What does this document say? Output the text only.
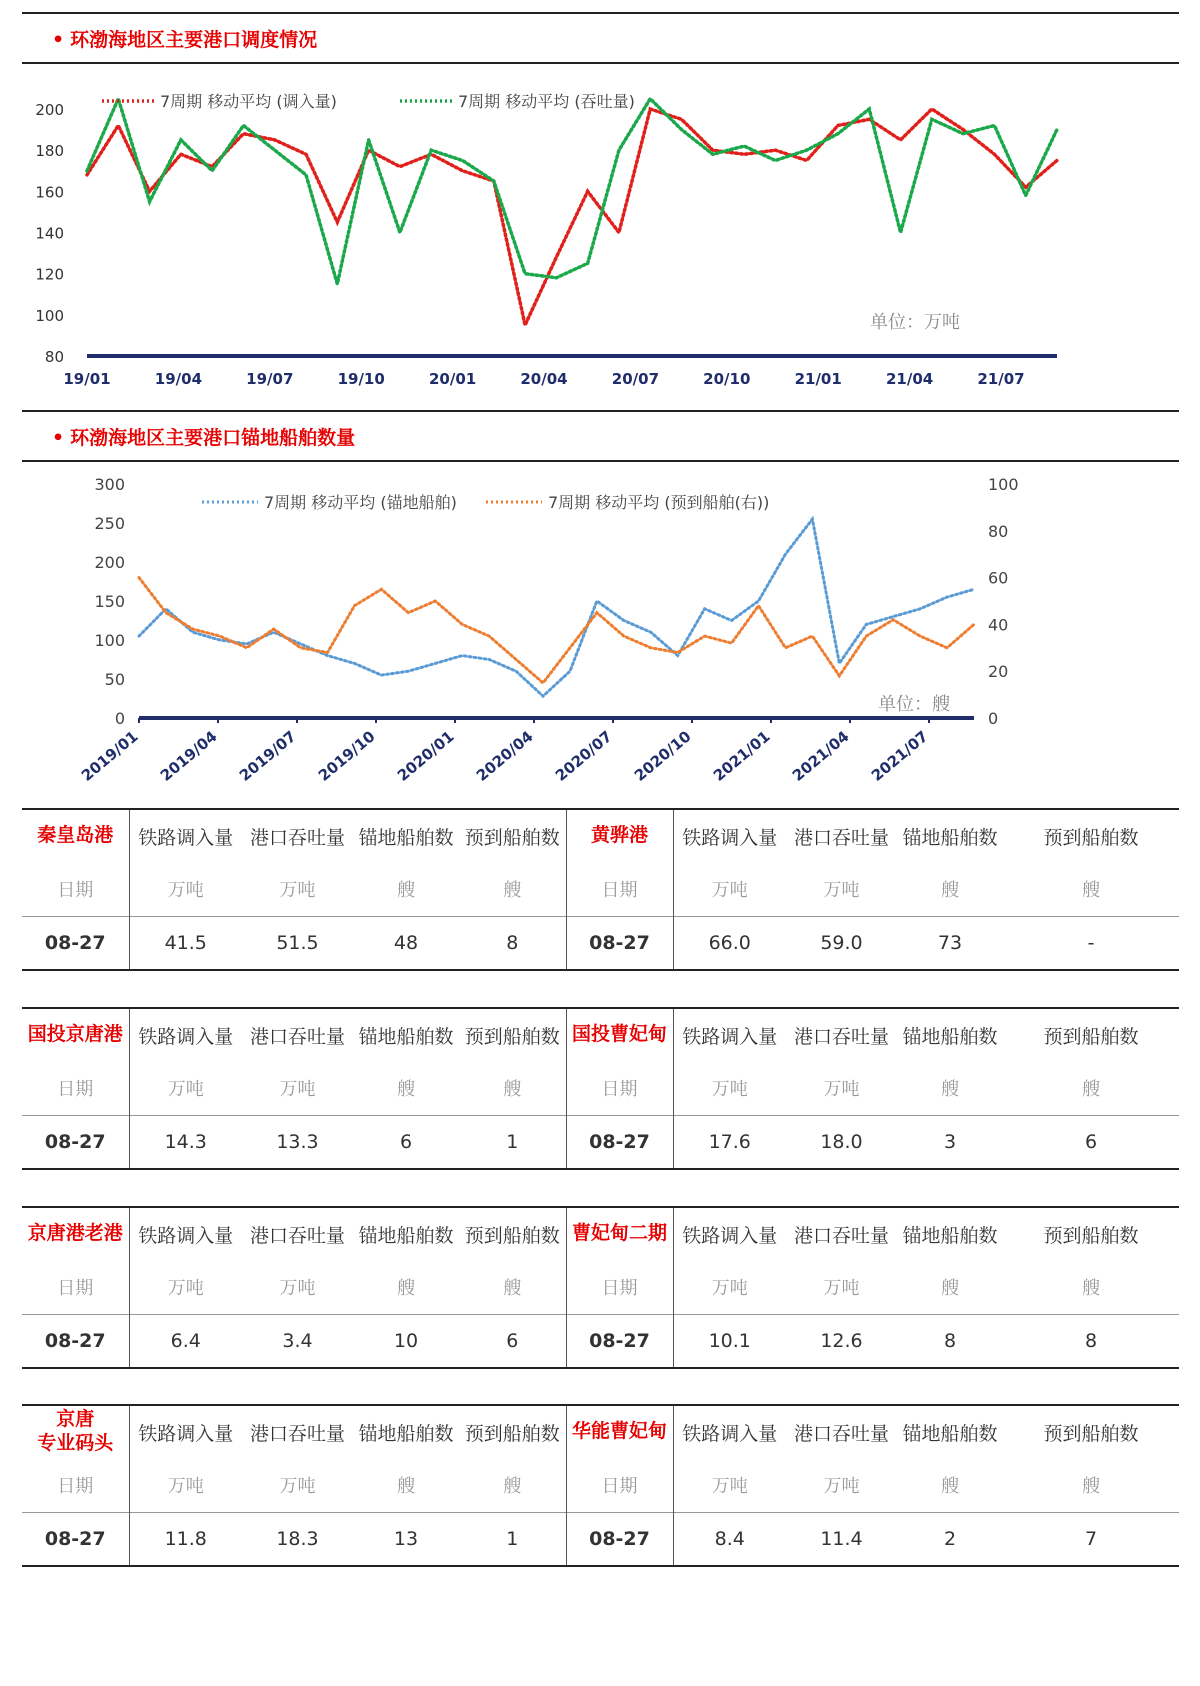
• 环渤海地区主要港口调度情况
200
180
160
140
120
100
80
19/01	19/04	19/07	19/10	20/01	20/04	20/07	20/10	21/01	21/04	21/07
7周期 移动平均 (调入量)	7周期 移动平均 (吞吐量)
单位：万吨
• 环渤海地区主要港口锚地船舶数量
300
250
200
150
100
50
0
100
80
60
40
20
0
2019/01 2019/04 2019/07 2019/10 2020/01 2020/04 2020/07 2020/10 2021/01 2021/04 2021/07
7周期 移动平均 (锚地船舶)	7周期 移动平均 (预到船舶(右))
单位：艘
秦皇岛港	铁路调入量	港口吞吐量	锚地船舶数	预到船舶数	黄骅港	铁路调入量	港口吞吐量	锚地船舶数	预到船舶数
日期	万吨	万吨	艘	艘	日期	万吨	万吨	艘	艘
08-27	41.5	51.5	48	8	08-27	66.0	59.0	73	-
国投京唐港	铁路调入量	港口吞吐量	锚地船舶数	预到船舶数	国投曹妃甸	铁路调入量	港口吞吐量	锚地船舶数	预到船舶数
日期	万吨	万吨	艘	艘	日期	万吨	万吨	艘	艘
08-27	14.3	13.3	6	1	08-27	17.6	18.0	3	6
京唐港老港	铁路调入量	港口吞吐量	锚地船舶数	预到船舶数	曹妃甸二期	铁路调入量	港口吞吐量	锚地船舶数	预到船舶数
日期	万吨	万吨	艘	艘	日期	万吨	万吨	艘	艘
08-27	6.4	3.4	10	6	08-27	10.1	12.6	8	8
京唐
专业码头	铁路调入量	港口吞吐量	锚地船舶数	预到船舶数	华能曹妃甸	铁路调入量	港口吞吐量	锚地船舶数	预到船舶数
日期	万吨	万吨	艘	艘	日期	万吨	万吨	艘	艘
08-27	11.8	18.3	13	1	08-27	8.4	11.4	2	7
